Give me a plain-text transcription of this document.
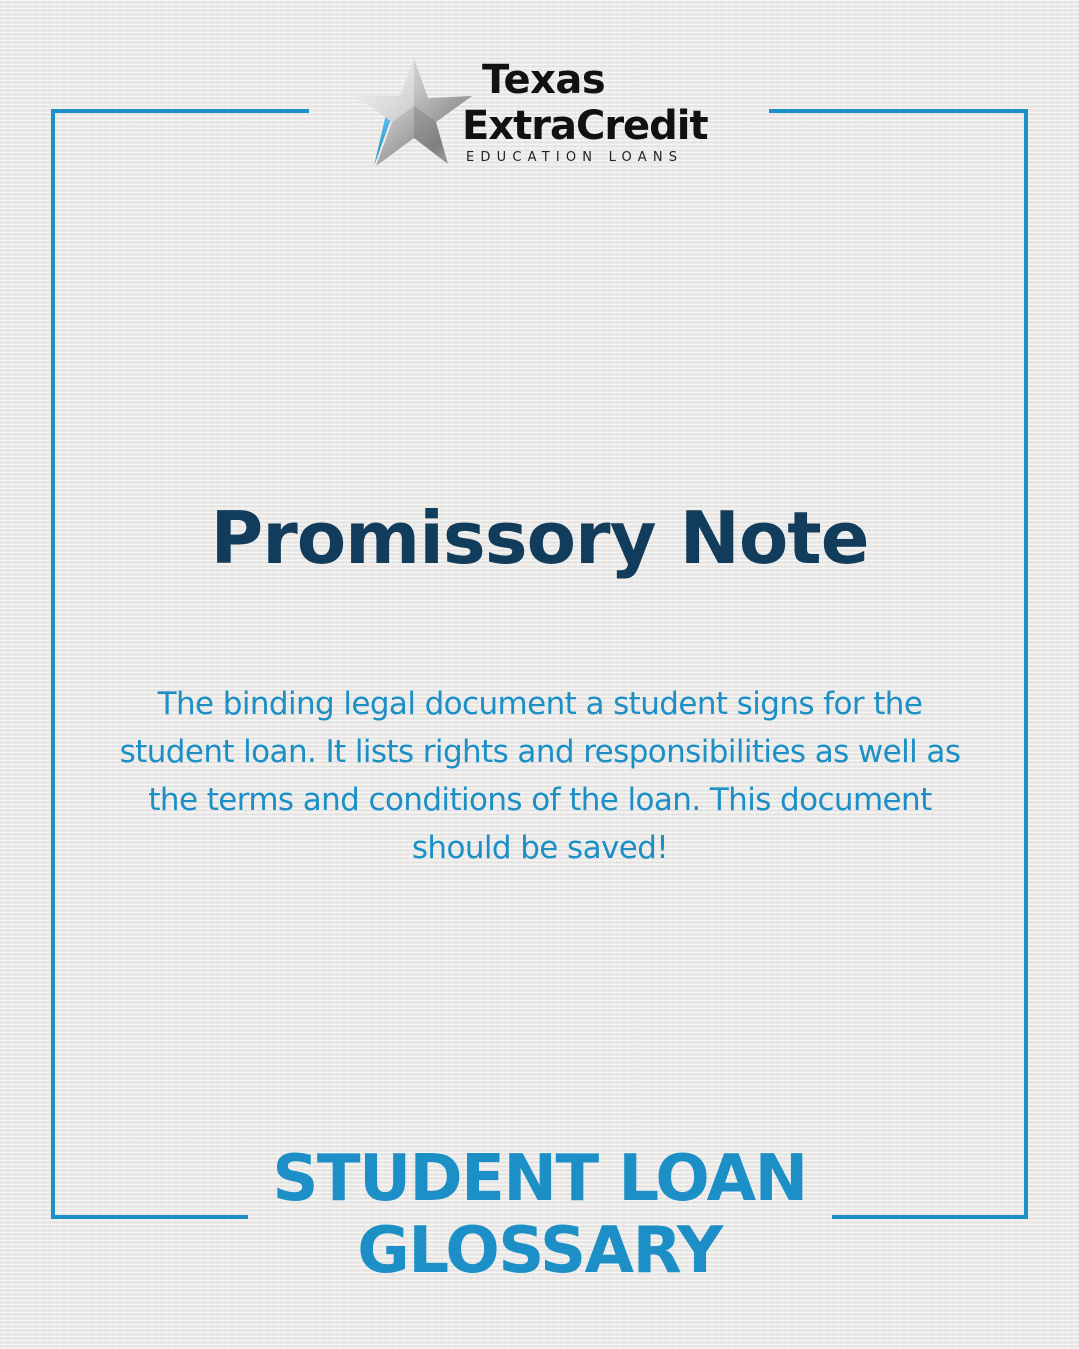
Texas
ExtraCredit
EDUCATION LOANS
Promissory Note
The binding legal document a student signs for the student loan. It lists rights and responsibilities as well as the terms and conditions of the loan. This document should be saved!
STUDENT LOAN
GLOSSARY
